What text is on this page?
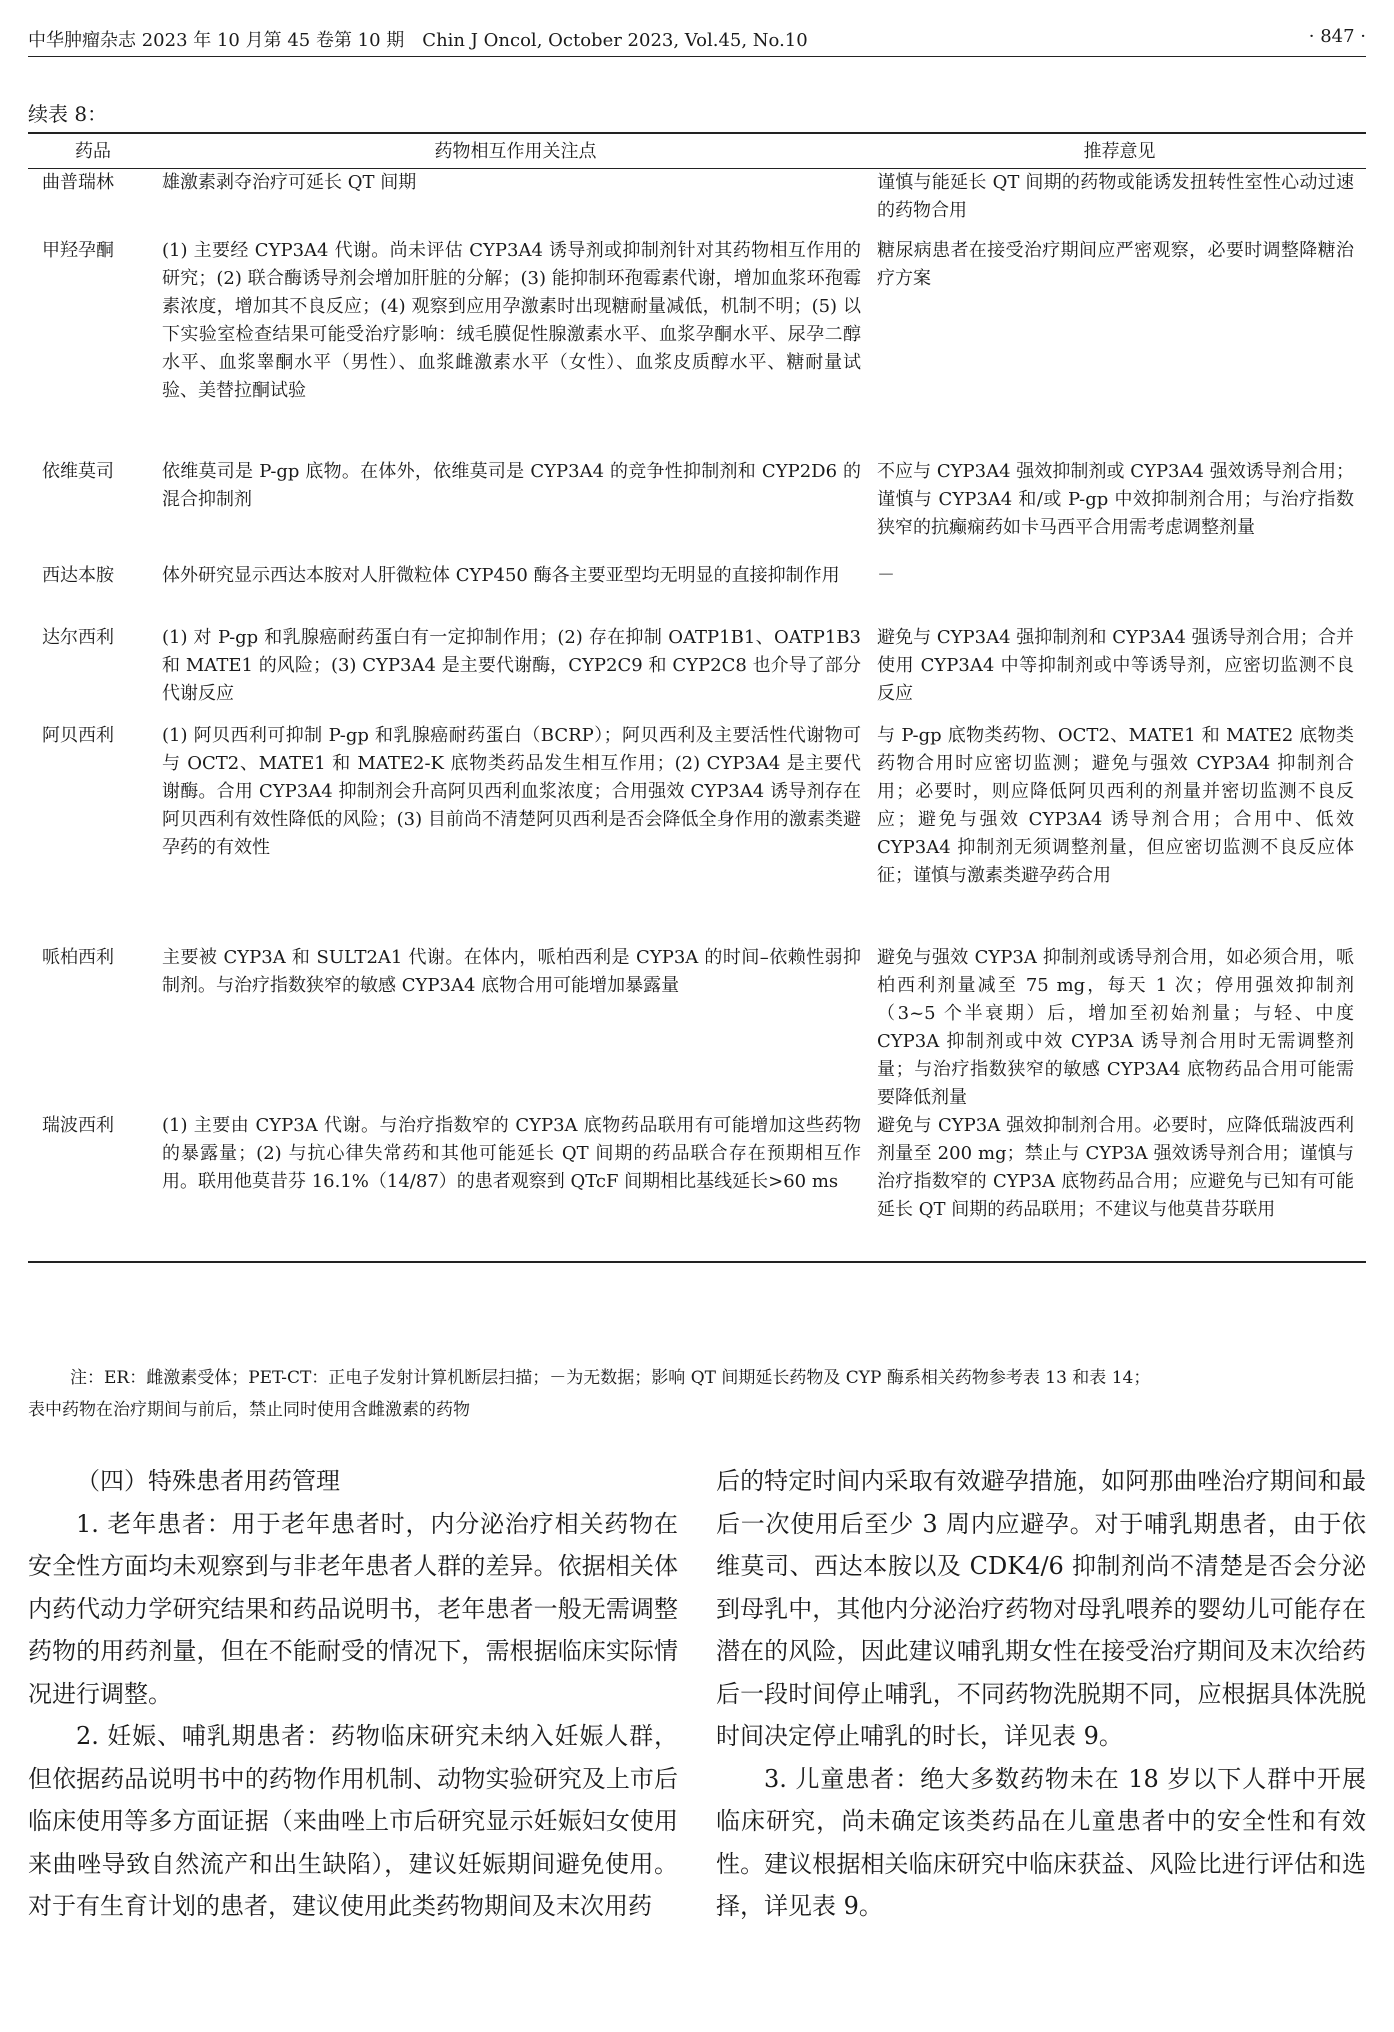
中华肿瘤杂志 2023 年 10 月第 45 卷第 10 期　Chin J Oncol, October 2023, Vol.45, No.10	· 847 ·
续表 8：
药品	药物相互作用关注点	推荐意见
曲普瑞林	雄激素剥夺治疗可延长 QT 间期	谨慎与能延长 QT 间期的药物或能诱发扭转性室性心动过速的药物合用
甲羟孕酮	(1) 主要经 CYP3A4 代谢。尚未评估 CYP3A4 诱导剂或抑制剂针对其药物相互作用的研究；(2) 联合酶诱导剂会增加肝脏的分解；(3) 能抑制环孢霉素代谢，增加血浆环孢霉素浓度，增加其不良反应；(4) 观察到应用孕激素时出现糖耐量减低，机制不明；(5) 以下实验室检查结果可能受治疗影响：绒毛膜促性腺激素水平、血浆孕酮水平、尿孕二醇水平、血浆睾酮水平（男性）、血浆雌激素水平（女性）、血浆皮质醇水平、糖耐量试验、美替拉酮试验	糖尿病患者在接受治疗期间应严密观察，必要时调整降糖治疗方案
依维莫司	依维莫司是 P-gp 底物。在体外，依维莫司是 CYP3A4 的竞争性抑制剂和 CYP2D6 的混合抑制剂	不应与 CYP3A4 强效抑制剂或 CYP3A4 强效诱导剂合用；谨慎与 CYP3A4 和/或 P-gp 中效抑制剂合用；与治疗指数狭窄的抗癫痫药如卡马西平合用需考虑调整剂量
西达本胺	体外研究显示西达本胺对人肝微粒体 CYP450 酶各主要亚型均无明显的直接抑制作用	－
达尔西利	(1) 对 P-gp 和乳腺癌耐药蛋白有一定抑制作用；(2) 存在抑制 OATP1B1、OATP1B3 和 MATE1 的风险；(3) CYP3A4 是主要代谢酶，CYP2C9 和 CYP2C8 也介导了部分代谢反应	避免与 CYP3A4 强抑制剂和 CYP3A4 强诱导剂合用；合并使用 CYP3A4 中等抑制剂或中等诱导剂，应密切监测不良反应
阿贝西利	(1) 阿贝西利可抑制 P-gp 和乳腺癌耐药蛋白（BCRP）；阿贝西利及主要活性代谢物可与 OCT2、MATE1 和 MATE2-K 底物类药品发生相互作用；(2) CYP3A4 是主要代谢酶。合用 CYP3A4 抑制剂会升高阿贝西利血浆浓度；合用强效 CYP3A4 诱导剂存在阿贝西利有效性降低的风险；(3) 目前尚不清楚阿贝西利是否会降低全身作用的激素类避孕药的有效性	与 P-gp 底物类药物、OCT2、MATE1 和 MATE2 底物类药物合用时应密切监测；避免与强效 CYP3A4 抑制剂合用；必要时，则应降低阿贝西利的剂量并密切监测不良反应；避免与强效 CYP3A4 诱导剂合用；合用中、低效 CYP3A4 抑制剂无须调整剂量，但应密切监测不良反应体征；谨慎与激素类避孕药合用
哌柏西利	主要被 CYP3A 和 SULT2A1 代谢。在体内，哌柏西利是 CYP3A 的时间–依赖性弱抑制剂。与治疗指数狭窄的敏感 CYP3A4 底物合用可能增加暴露量	避免与强效 CYP3A 抑制剂或诱导剂合用，如必须合用，哌柏西利剂量减至 75 mg，每天 1 次；停用强效抑制剂（3~5 个半衰期）后，增加至初始剂量；与轻、中度 CYP3A 抑制剂或中效 CYP3A 诱导剂合用时无需调整剂量；与治疗指数狭窄的敏感 CYP3A4 底物药品合用可能需要降低剂量
瑞波西利	(1) 主要由 CYP3A 代谢。与治疗指数窄的 CYP3A 底物药品联用有可能增加这些药物的暴露量；(2) 与抗心律失常药和其他可能延长 QT 间期的药品联合存在预期相互作用。联用他莫昔芬 16.1%（14/87）的患者观察到 QTcF 间期相比基线延长>60 ms	避免与 CYP3A 强效抑制剂合用。必要时，应降低瑞波西利剂量至 200 mg；禁止与 CYP3A 强效诱导剂合用；谨慎与治疗指数窄的 CYP3A 底物药品合用；应避免与已知有可能延长 QT 间期的药品联用；不建议与他莫昔芬联用
注：ER：雌激素受体；PET-CT：正电子发射计算机断层扫描；－为无数据；影响 QT 间期延长药物及 CYP 酶系相关药物参考表 13 和表 14；
表中药物在治疗期间与前后，禁止同时使用含雌激素的药物

（四）特殊患者用药管理

1. 老年患者：用于老年患者时，内分泌治疗相关药物在安全性方面均未观察到与非老年患者人群的差异。依据相关体内药代动力学研究结果和药品说明书，老年患者一般无需调整药物的用药剂量，但在不能耐受的情况下，需根据临床实际情况进行调整。

2. 妊娠、哺乳期患者：药物临床研究未纳入妊娠人群，但依据药品说明书中的药物作用机制、动物实验研究及上市后临床使用等多方面证据（来曲唑上市后研究显示妊娠妇女使用来曲唑导致自然流产和出生缺陷），建议妊娠期间避免使用。对于有生育计划的患者，建议使用此类药物期间及末次用药

后的特定时间内采取有效避孕措施，如阿那曲唑治疗期间和最后一次使用后至少 3 周内应避孕。对于哺乳期患者，由于依维莫司、西达本胺以及 CDK4/6 抑制剂尚不清楚是否会分泌到母乳中，其他内分泌治疗药物对母乳喂养的婴幼儿可能存在潜在的风险，因此建议哺乳期女性在接受治疗期间及末次给药后一段时间停止哺乳，不同药物洗脱期不同，应根据具体洗脱时间决定停止哺乳的时长，详见表 9。

3. 儿童患者：绝大多数药物未在 18 岁以下人群中开展临床研究，尚未确定该类药品在儿童患者中的安全性和有效性。建议根据相关临床研究中临床获益、风险比进行评估和选择，详见表 9。
